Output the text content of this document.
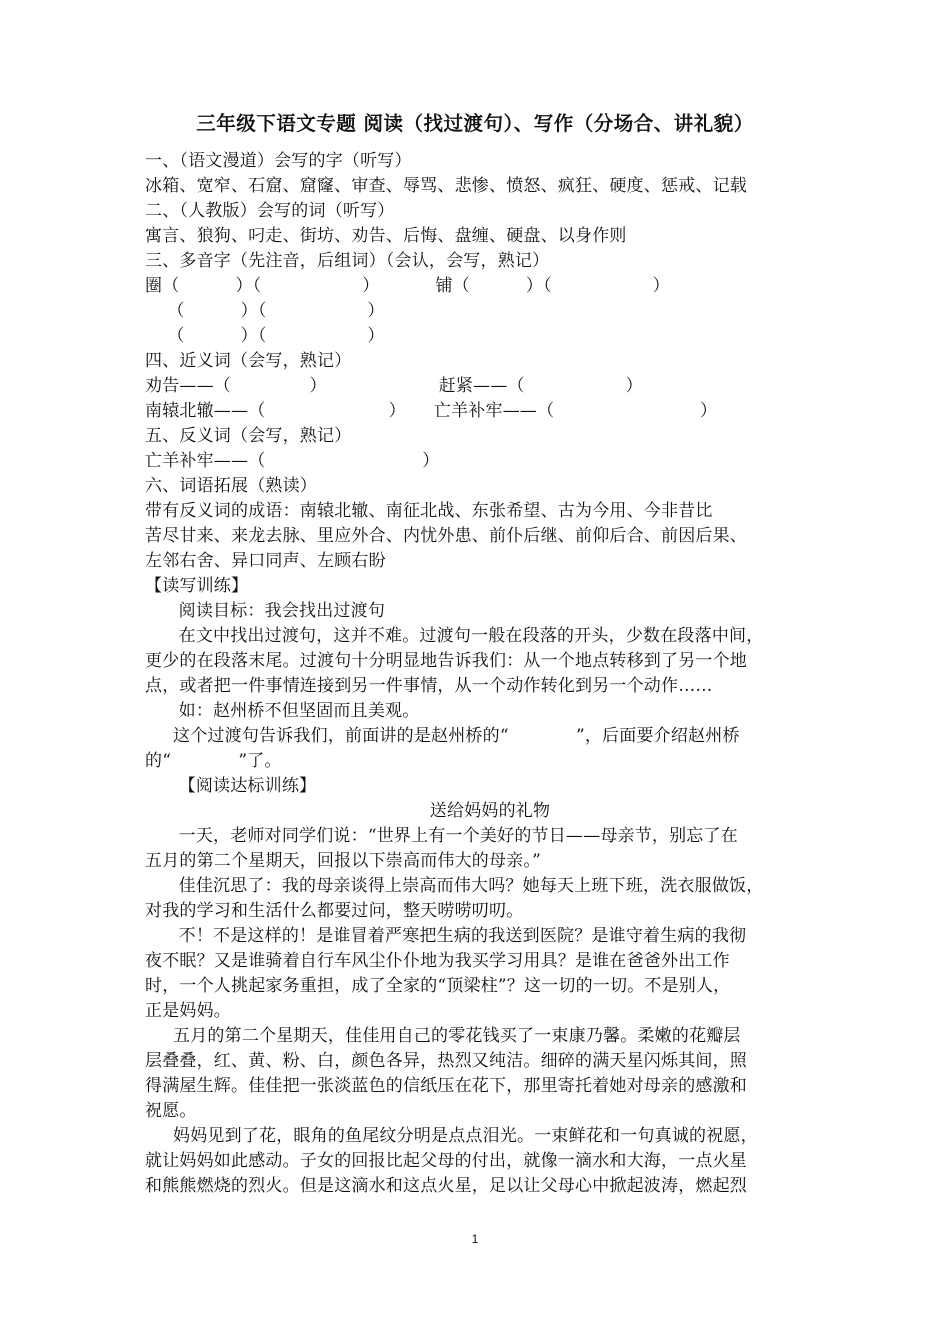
三年级下语文专题 阅读（找过渡句）、写作（分场合、讲礼貌）
一、（语文漫道）会写的字（听写）
冰箱、宽窄、石窟、窟窿、审查、辱骂、悲惨、愤怒、疯狂、硬度、惩戒、记载
二、（人教版）会写的词（听写）
寓言、狼狗、叼走、街坊、劝告、后悔、盘缠、硬盘、以身作则
三、多音字（先注音，后组词）（会认，会写，熟记）
圈（          ）（                  ）          铺（          ）（                  ）
（          ）（                  ）
（          ）（                  ）
四、近义词（会写，熟记）
劝告——（              ）                    赶紧——（                  ）
南辕北辙——（                      ）     亡羊补牢——（                          ）
五、反义词（会写，熟记）
亡羊补牢——（                            ）
六、词语拓展（熟读）
带有反义词的成语：南辕北辙、南征北战、东张希望、古为今用、今非昔比
苦尽甘来、来龙去脉、里应外合、内忧外患、前仆后继、前仰后合、前因后果、
左邻右舍、异口同声、左顾右盼
【读写训练】
阅读目标：我会找出过渡句
在文中找出过渡句，这并不难。过渡句一般在段落的开头，少数在段落中间，
更少的在段落末尾。过渡句十分明显地告诉我们：从一个地点转移到了另一个地
点，或者把一件事情连接到另一件事情，从一个动作转化到另一个动作……
如：赵州桥不但坚固而且美观。
这个过渡句告诉我们，前面讲的是赵州桥的“            ”，后面要介绍赵州桥
的“            ”了。
【阅读达标训练】
送给妈妈的礼物
一天，老师对同学们说：“世界上有一个美好的节日——母亲节，别忘了在
五月的第二个星期天，回报以下崇高而伟大的母亲。”
佳佳沉思了：我的母亲谈得上崇高而伟大吗？她每天上班下班，洗衣服做饭，
对我的学习和生活什么都要过问，整天唠唠叨叨。
不！不是这样的！是谁冒着严寒把生病的我送到医院？是谁守着生病的我彻
夜不眠？又是谁骑着自行车风尘仆仆地为我买学习用具？是谁在爸爸外出工作
时，一个人挑起家务重担，成了全家的“顶梁柱”？这一切的一切。不是别人，
正是妈妈。
五月的第二个星期天，佳佳用自己的零花钱买了一束康乃馨。柔嫩的花瓣层
层叠叠，红、黄、粉、白，颜色各异，热烈又纯洁。细碎的满天星闪烁其间，照
得满屋生辉。佳佳把一张淡蓝色的信纸压在花下，那里寄托着她对母亲的感激和
祝愿。
妈妈见到了花，眼角的鱼尾纹分明是点点泪光。一束鲜花和一句真诚的祝愿，
就让妈妈如此感动。子女的回报比起父母的付出，就像一滴水和大海，一点火星
和熊熊燃烧的烈火。但是这滴水和这点火星，足以让父母心中掀起波涛，燃起烈
1
